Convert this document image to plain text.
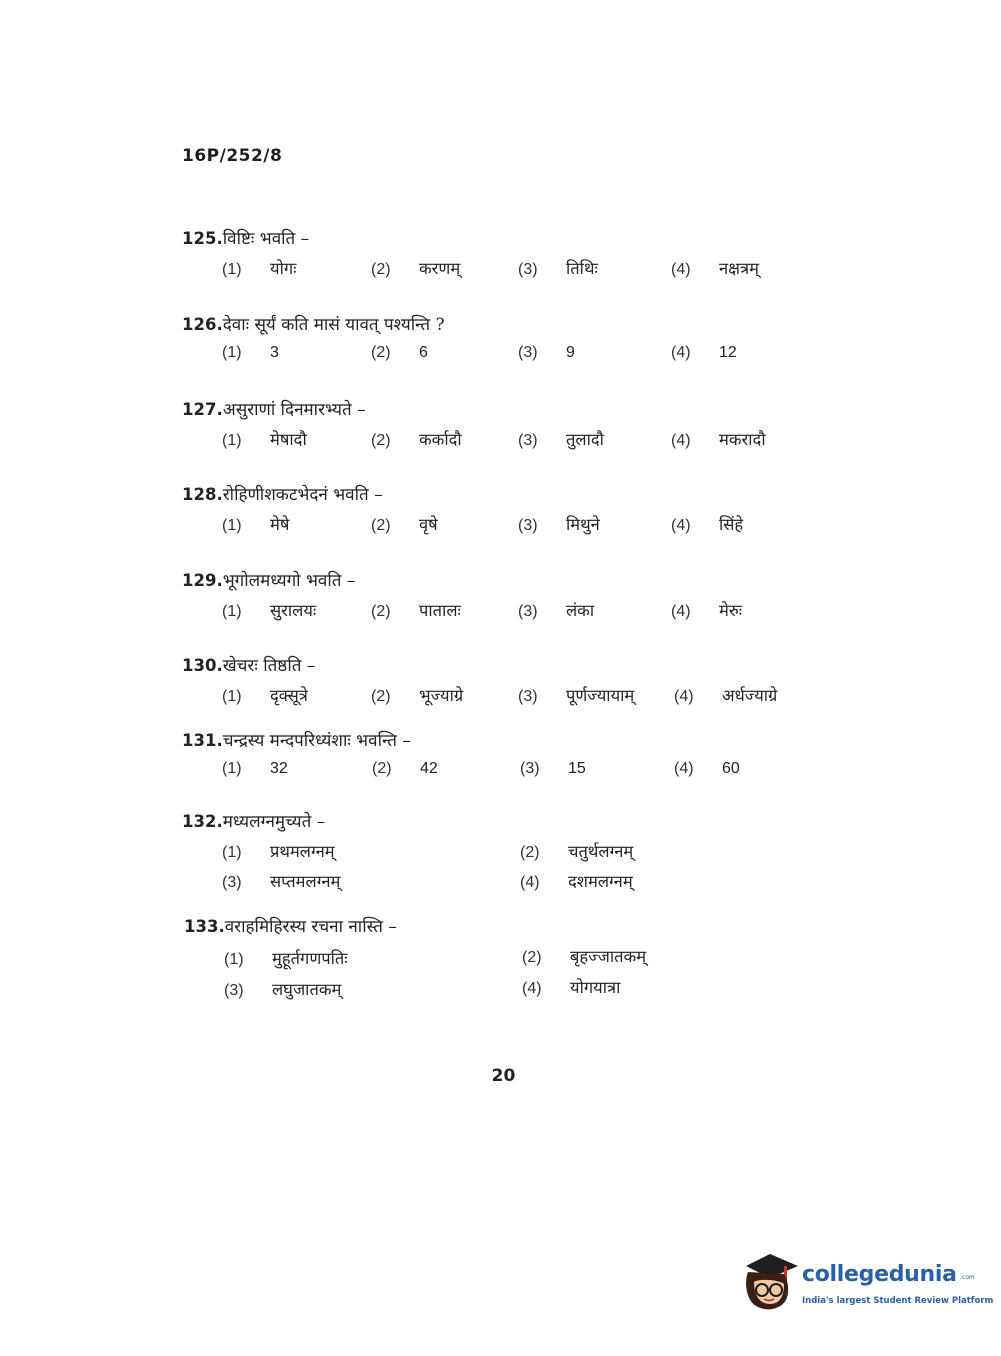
16P/252/8
125.विष्टिः भवति –
(1) योगः	(2) करणम्	(3) तिथिः	(4) नक्षत्रम्
126.देवाः सूर्यं कति मासं यावत् पश्यन्ति ?
(1) 3	(2) 6	(3) 9	(4) 12
127.असुराणां दिनमारभ्यते –
(1) मेषादौ	(2) कर्कादौ	(3) तुलादौ	(4) मकरादौ
128.रोहिणीशकटभेदनं भवति –
(1) मेषे	(2) वृषे	(3) मिथुने	(4) सिंहे
129.भूगोलमध्यगो भवति –
(1) सुरालयः	(2) पातालः	(3) लंका	(4) मेरुः
130.खेचरः तिष्ठति –
(1) दृक्सूत्रे	(2) भूज्याग्रे	(3) पूर्णज्यायाम् (4) अर्धज्याग्रे
131.चन्द्रस्य मन्दपरिध्यंशाः भवन्ति –
(1) 32	(2) 42	(3) 15	(4) 60
132.मध्यलग्नमुच्यते –
(1) प्रथमलग्नम्	(2) चतुर्थलग्नम्
(3) सप्तमलग्नम्	(4) दशमलग्नम्
133.वराहमिहिरस्य रचना नास्ति –
(1) मुहूर्तगणपतिः	(2) बृहज्जातकम्
(3) लघुजातकम्	(4) योगयात्रा
20
collegedunia .com
India's largest Student Review Platform
